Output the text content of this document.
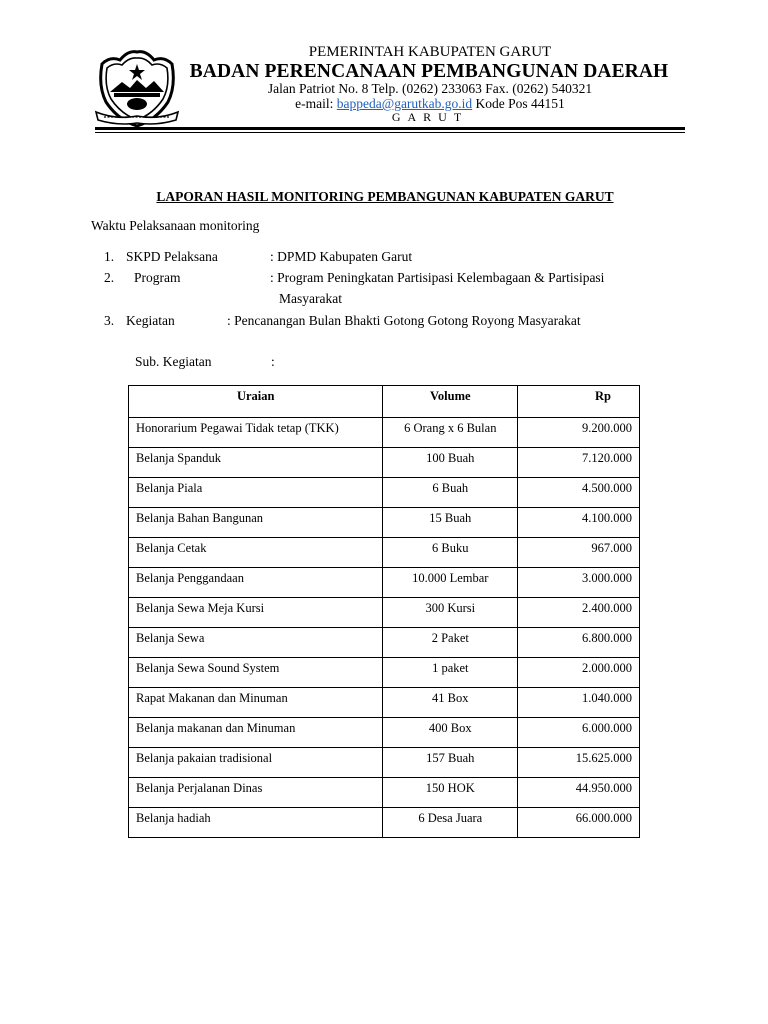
PEMERINTAH KABUPATEN GARUT
BADAN PERENCANAAN PEMBANGUNAN DAERAH
Jalan Patriot No. 8 Telp. (0262) 233063 Fax. (0262) 540321
e-mail: bappeda@garutkab.go.id Kode Pos 44151
GARUT
LAPORAN HASIL MONITORING PEMBANGUNAN KABUPATEN GARUT
Waktu Pelaksanaan monitoring
1. SKPD Pelaksana	: DPMD Kabupaten Garut
2. Program	: Program Peningkatan Partisipasi Kelembagaan & Partisipasi
Masyarakat
3. Kegiatan	: Pencanangan Bulan Bhakti Gotong Gotong Royong Masyarakat
Sub. Kegiatan	:
Uraian	Volume	Rp
Honorarium Pegawai Tidak tetap (TKK)	6 Orang x 6 Bulan	9.200.000
Belanja Spanduk	100 Buah	7.120.000
Belanja Piala	6 Buah	4.500.000
Belanja Bahan Bangunan	15 Buah	4.100.000
Belanja Cetak	6 Buku	967.000
Belanja Penggandaan	10.000 Lembar	3.000.000
Belanja Sewa Meja Kursi	300 Kursi	2.400.000
Belanja Sewa	2 Paket	6.800.000
Belanja Sewa Sound System	1 paket	2.000.000
Rapat Makanan dan Minuman	41 Box	1.040.000
Belanja makanan dan Minuman	400 Box	6.000.000
Belanja pakaian tradisional	157 Buah	15.625.000
Belanja Perjalanan Dinas	150 HOK	44.950.000
Belanja hadiah	6 Desa Juara	66.000.000
